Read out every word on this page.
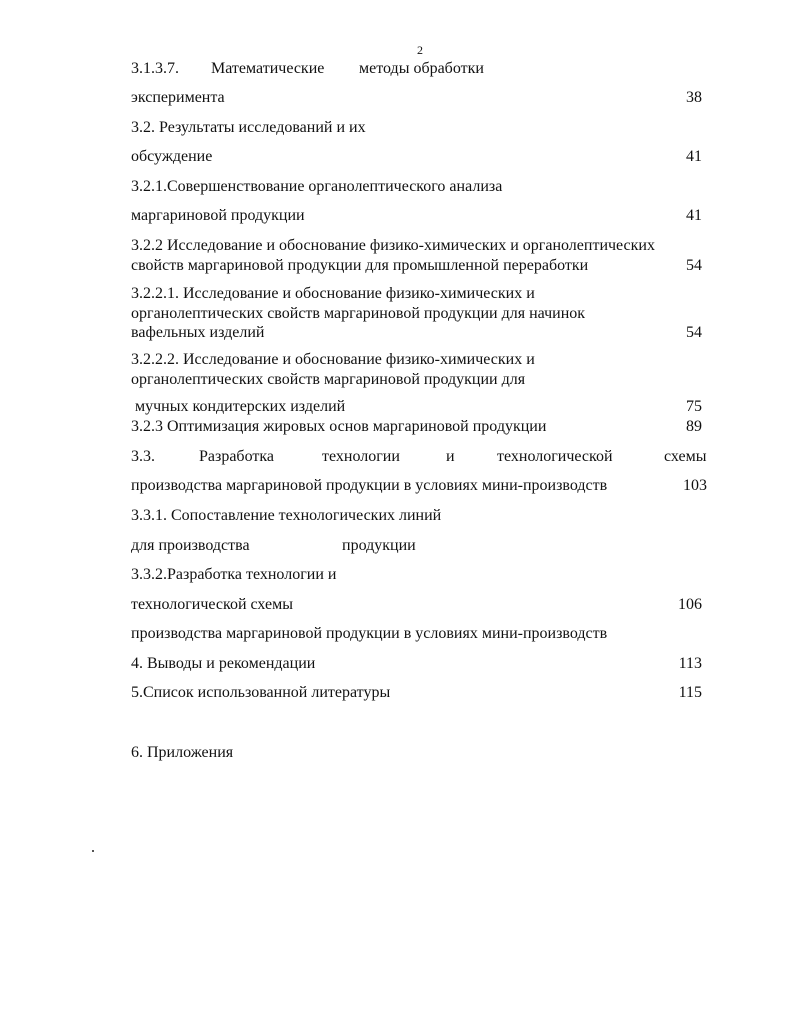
2
3.1.3.7. Математические методы обработки
эксперимента	38
3.2. Результаты исследований и их
обсуждение	41
3.2.1.Совершенствование органолептического анализа
маргариновой продукции	41
3.2.2 Исследование и обоснование физико-химических и органолептических
свойств маргариновой продукции для промышленной переработки	54
3.2.2.1. Исследование и обоснование физико-химических и
органолептических свойств маргариновой продукции для начинок
вафельных изделий	54
3.2.2.2. Исследование и обоснование физико-химических и
органолептических свойств маргариновой продукции для
мучных кондитерских изделий	75
3.2.3 Оптимизация жировых основ маргариновой продукции	89
3.3.	Разработка	технологии	и	технологической	схемы
производства маргариновой продукции в условиях мини-производств	103
3.3.1. Сопоставление технологических линий
для производства	продукции
3.3.2.Разработка технологии и
технологической схемы	106
производства маргариновой продукции в условиях мини-производств
4. Выводы и рекомендации	113
5.Список использованной литературы	115
6. Приложения
